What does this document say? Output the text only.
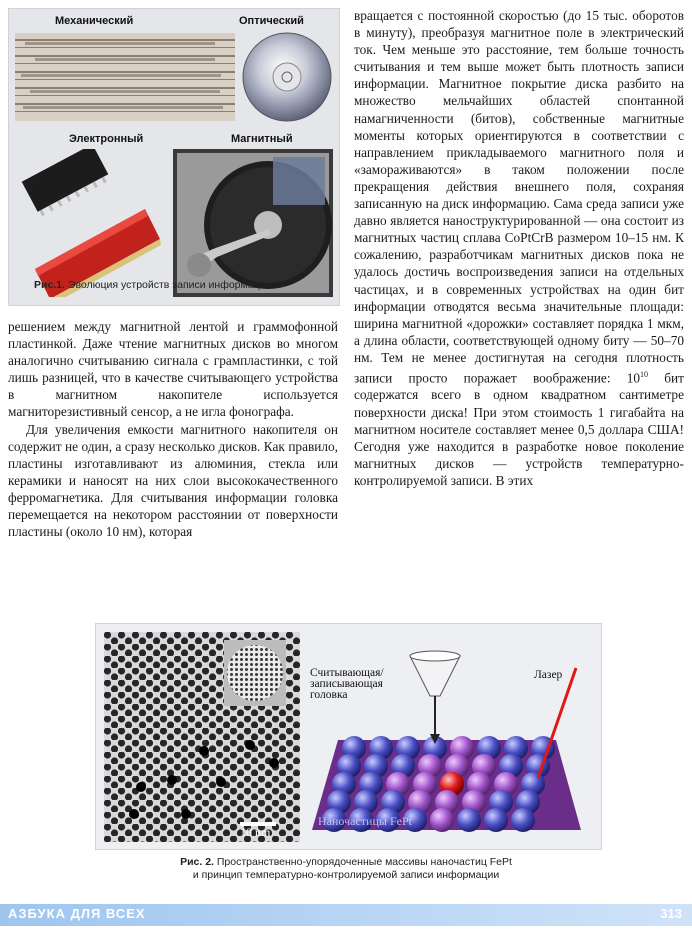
Механический	Оптический
Электронный	Магнитный
Рис.1. Эволюция устройств записи информации

решением между магнитной лентой и граммофонной пластинкой. Даже чтение магнитных дисков во многом аналогично считыванию сигнала с грампластинки, с той лишь разницей, что в качестве считывающего устройства в магнитном накопителе используется магниторезистивный сенсор, а не игла фонографа.

Для увеличения емкости магнитного накопителя он содержит не один, а сразу несколько дисков. Как правило, пластины изготавливают из алюминия, стекла или керамики и наносят на них слои высококачественного ферромагнетика. Для считывания информации головка перемещается на некотором расстоянии от поверхности пластины (около 10 нм), которая

вращается с постоянной скоростью (до 15 тыс. оборотов в минуту), преобразуя магнитное поле в электрический ток. Чем меньше это расстояние, тем больше точность считывания и тем выше может быть плотность записи информации. Магнитное покрытие диска разбито на множество мельчайших областей спонтанной намагниченности (битов), собственные магнитные моменты которых ориентируются в соответствии с направлением прикладываемого магнитного поля и «замораживаются» в таком положении после прекращения действия внешнего поля, сохраняя записанную на диск информацию. Сама среда записи уже давно является наноструктурированной — она состоит из магнитных частиц сплава CoPtCrB размером 10–15 нм. К сожалению, разработчикам магнитных дисков пока не удалось достичь воспроизведения записи на отдельных частицах, и в современных устройствах на один бит информации отводятся весьма значительные площади: ширина магнитной «дорожки» составляет порядка 1 мкм, а длина области, соответствующей одному биту — 50–70 нм. Тем не менее достигнутая на сегодня плотность записи просто поражает воображение: $10^{10}$ бит содержатся всего в одном квадратном сантиметре поверхности диска! При этом стоимость 1 гигабайта на магнитном носителе составляет менее 0,5 доллара США! Сегодня уже находится в разработке новое поколение магнитных дисков — устройств температурно-контролируемой записи. В этих

10 nm
Считывающая/
записывающая
головка
Лазер
Наночастицы FePt
Рис. 2. Пространственно-упорядоченные массивы наночастиц FePt
и принцип температурно-контролируемой записи информации
АЗБУКА ДЛЯ ВСЕХ	313
